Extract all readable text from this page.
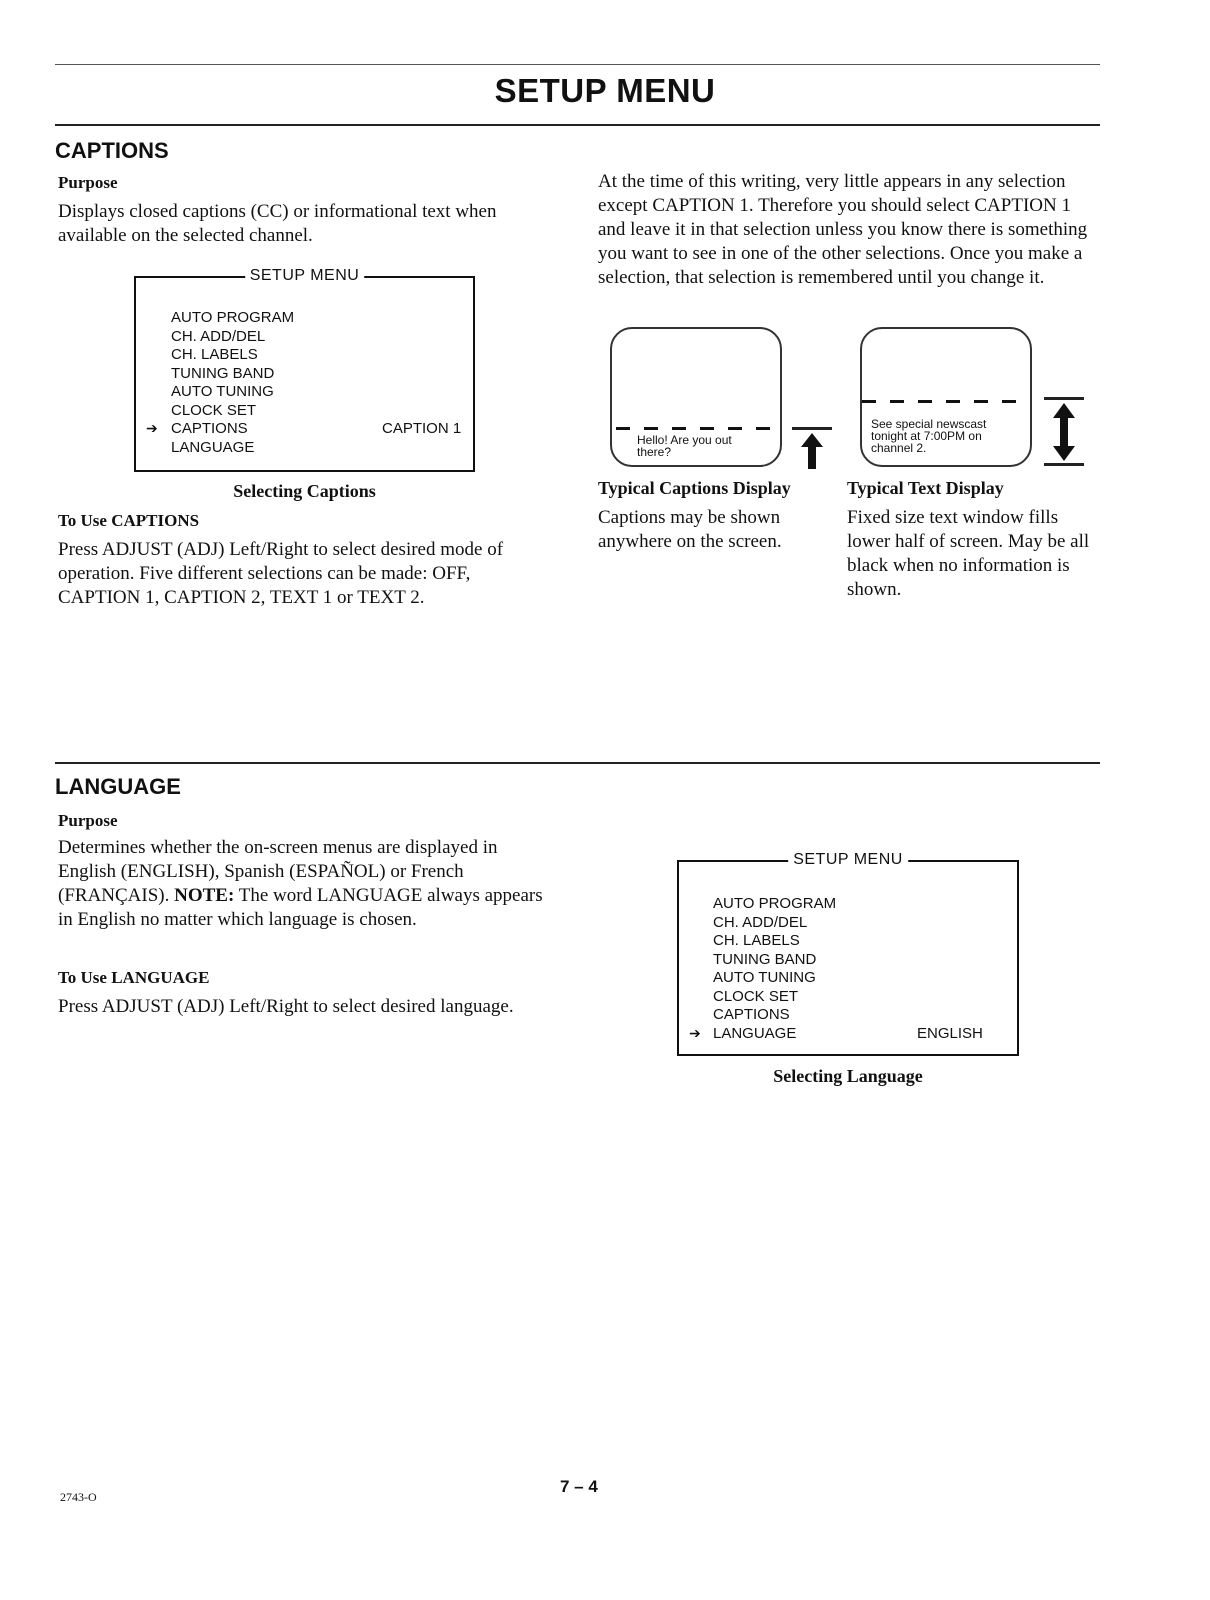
SETUP MENU
CAPTIONS
Purpose
Displays closed captions (CC) or informational text when available on the selected channel.
SETUP MENU
AUTO PROGRAM
CH. ADD/DEL
CH. LABELS
TUNING BAND
AUTO TUNING
CLOCK SET
CAPTIONS
LANGUAGE
➔	CAPTION 1
Selecting Captions
To Use CAPTIONS
Press ADJUST (ADJ) Left/Right to select desired mode of operation. Five different selections can be made: OFF, CAPTION 1, CAPTION 2, TEXT 1 or TEXT 2.
At the time of this writing, very little appears in any selection except CAPTION 1. Therefore you should select CAPTION 1 and leave it in that selection unless you know there is something you want to see in one of the other selections. Once you make a selection, that selection is remembered until you change it.
Hello! Are you out there?
See special newscast tonight at 7:00PM on channel 2.
Typical Captions Display
Captions may be shown anywhere on the screen.
Typical Text Display
Fixed size text window fills lower half of screen. May be all black when no information is shown.
LANGUAGE
Purpose
Determines whether the on-screen menus are displayed in English (ENGLISH), Spanish (ESPAÑOL) or French (FRANÇAIS). NOTE: The word LANGUAGE always appears in English no matter which language is chosen.
To Use LANGUAGE
Press ADJUST (ADJ) Left/Right to select desired language.
SETUP MENU
AUTO PROGRAM
CH. ADD/DEL
CH. LABELS
TUNING BAND
AUTO TUNING
CLOCK SET
CAPTIONS
LANGUAGE
➔	ENGLISH
Selecting Language
2743-O
7 – 4
